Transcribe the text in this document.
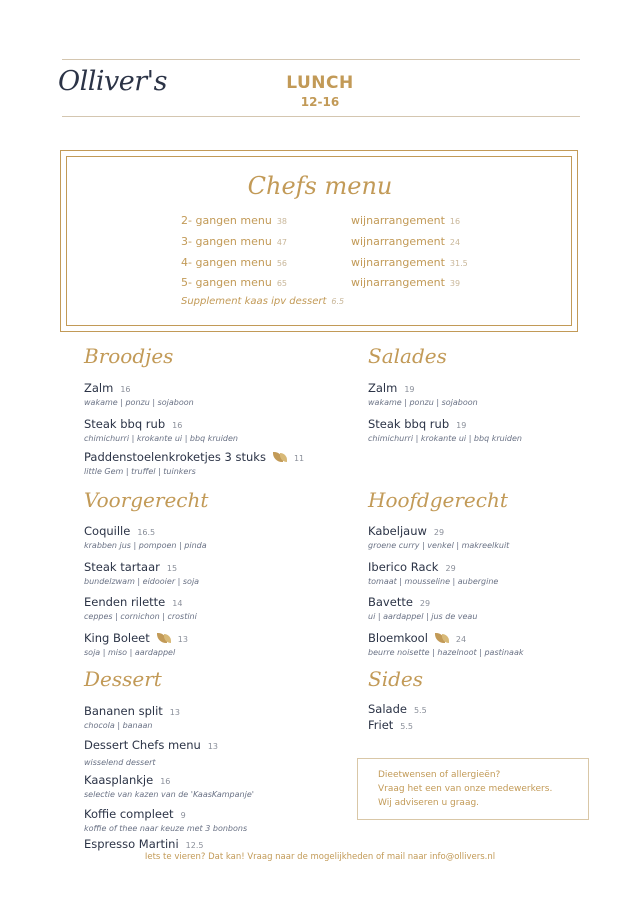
Olliver's	LUNCH
12-16
Chefs menu
2- gangen menu 38	wijnarrangement 16
3- gangen menu 47	wijnarrangement 24
4- gangen menu 56	wijnarrangement 31.5
5- gangen menu 65	wijnarrangement 39
Supplement kaas ipv dessert 6.5
Broodjes
Zalm 16
wakame | ponzu | sojaboon
Steak bbq rub 16
chimichurri | krokante ui | bbq kruiden
Paddenstoelenkroketjes 3 stuks	11
little Gem | truffel | tuinkers
Salades
Zalm 19
wakame | ponzu | sojaboon
Steak bbq rub 19
chimichurri | krokante ui | bbq kruiden
Voorgerecht
Coquille 16.5
krabben jus | pompoen | pinda
Steak tartaar 15
bundelzwam | eidooier | soja
Eenden rilette 14
ceppes | cornichon | crostini
King Boleet	13
soja | miso | aardappel
Hoofdgerecht
Kabeljauw 29
groene curry | venkel | makreelkuit
Iberico Rack 29
tomaat | mousseline | aubergine
Bavette 29
ui | aardappel | jus de veau
Bloemkool	24
beurre noisette | hazelnoot | pastinaak
Dessert
Bananen split 13
chocola | banaan
Dessert Chefs menu 13
wisselend dessert
Kaasplankje 16
selectie van kazen van de 'KaasKampanje'
Koffie compleet 9
koffie of thee naar keuze met 3 bonbons
Espresso Martini 12.5
Sides
Salade 5.5
Friet 5.5
Dieetwensen of allergieën?
Vraag het een van onze medewerkers.
Wij adviseren u graag.
Iets te vieren? Dat kan! Vraag naar de mogelijkheden of mail naar info@ollivers.nl
